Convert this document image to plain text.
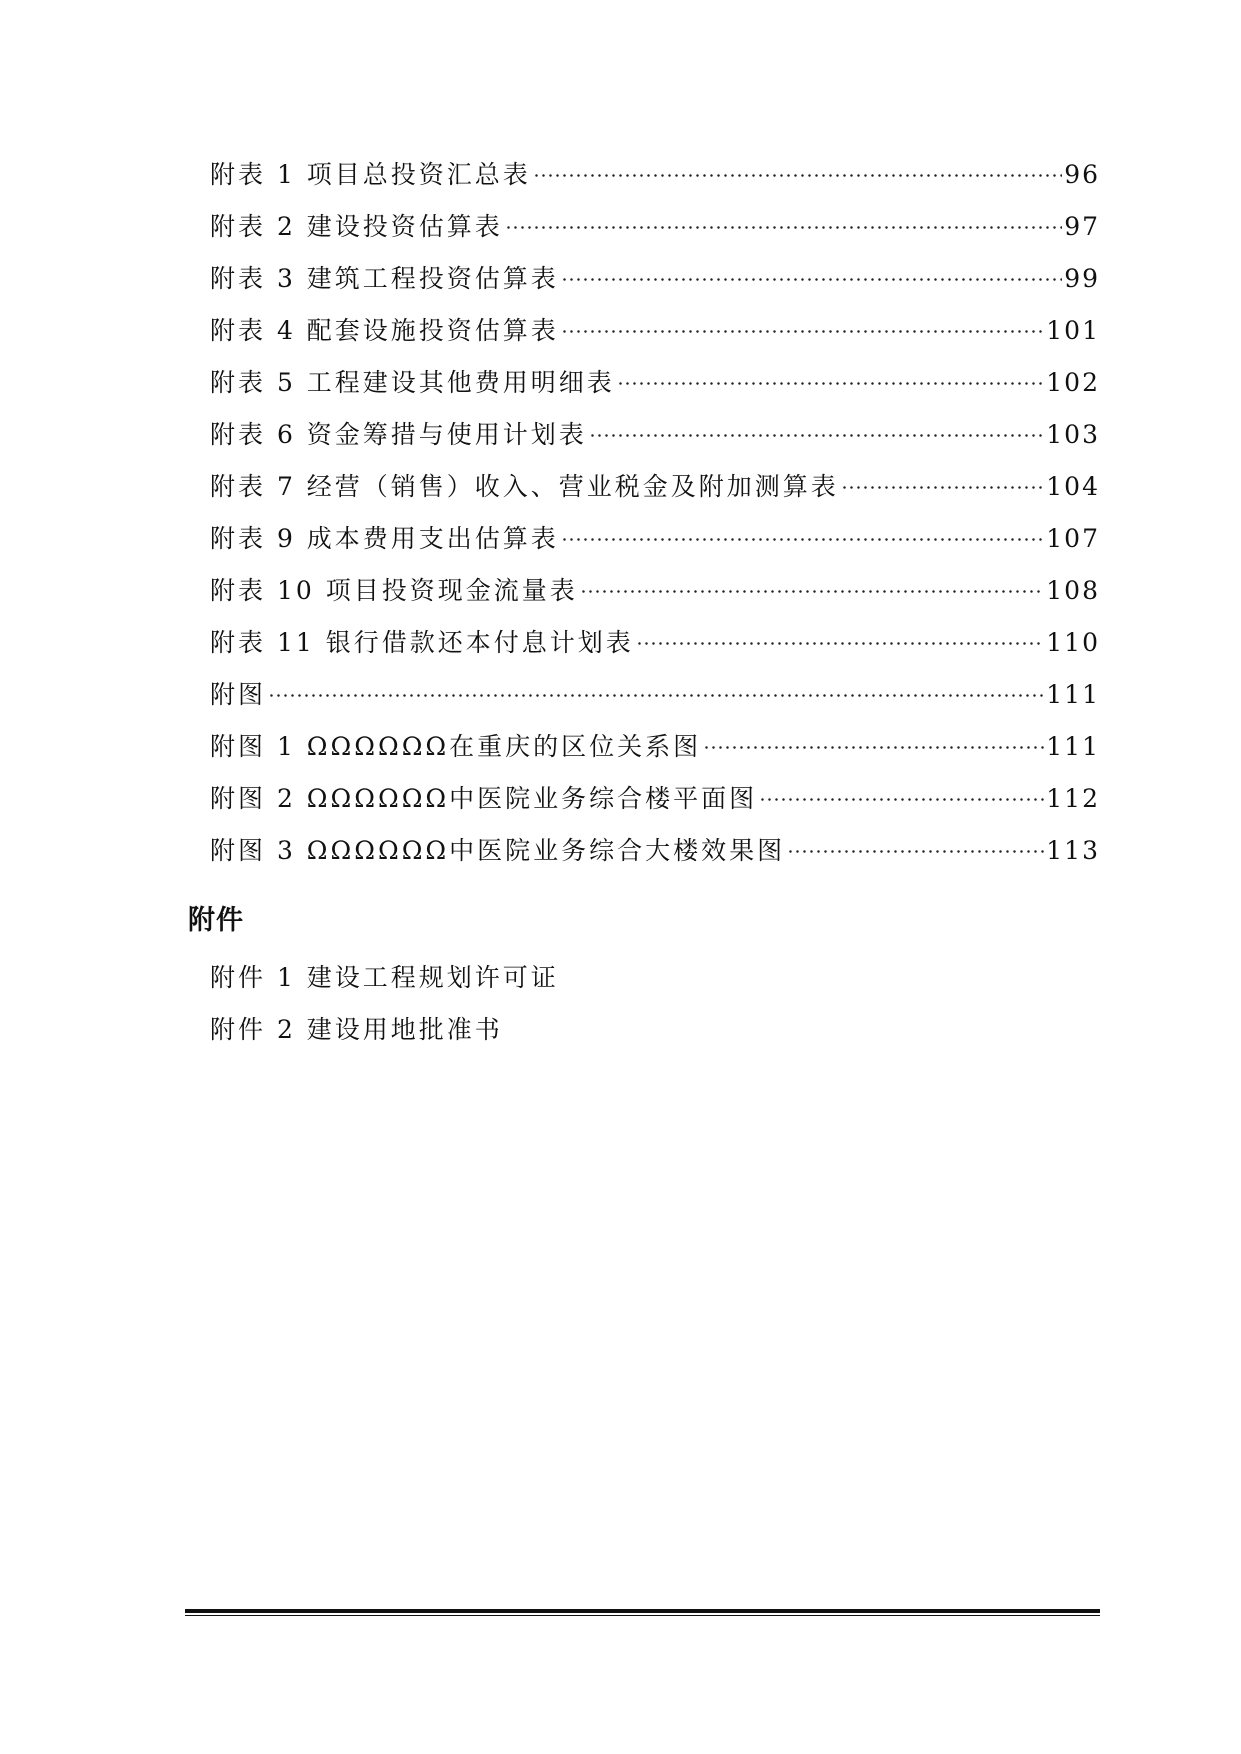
附表 1 项目总投资汇总表	96
附表 2 建设投资估算表	97
附表 3 建筑工程投资估算表	99
附表 4 配套设施投资估算表	101
附表 5 工程建设其他费用明细表	102
附表 6 资金筹措与使用计划表	103
附表 7 经营（销售）收入、营业税金及附加测算表	104
附表 9 成本费用支出估算表	107
附表 10 项目投资现金流量表	108
附表 11 银行借款还本付息计划表	110
附图	111
附图 1 ΩΩΩΩΩΩ在重庆的区位关系图	111
附图 2 ΩΩΩΩΩΩ中医院业务综合楼平面图	112
附图 3 ΩΩΩΩΩΩ中医院业务综合大楼效果图	113
附件
附件 1 建设工程规划许可证
附件 2 建设用地批准书
